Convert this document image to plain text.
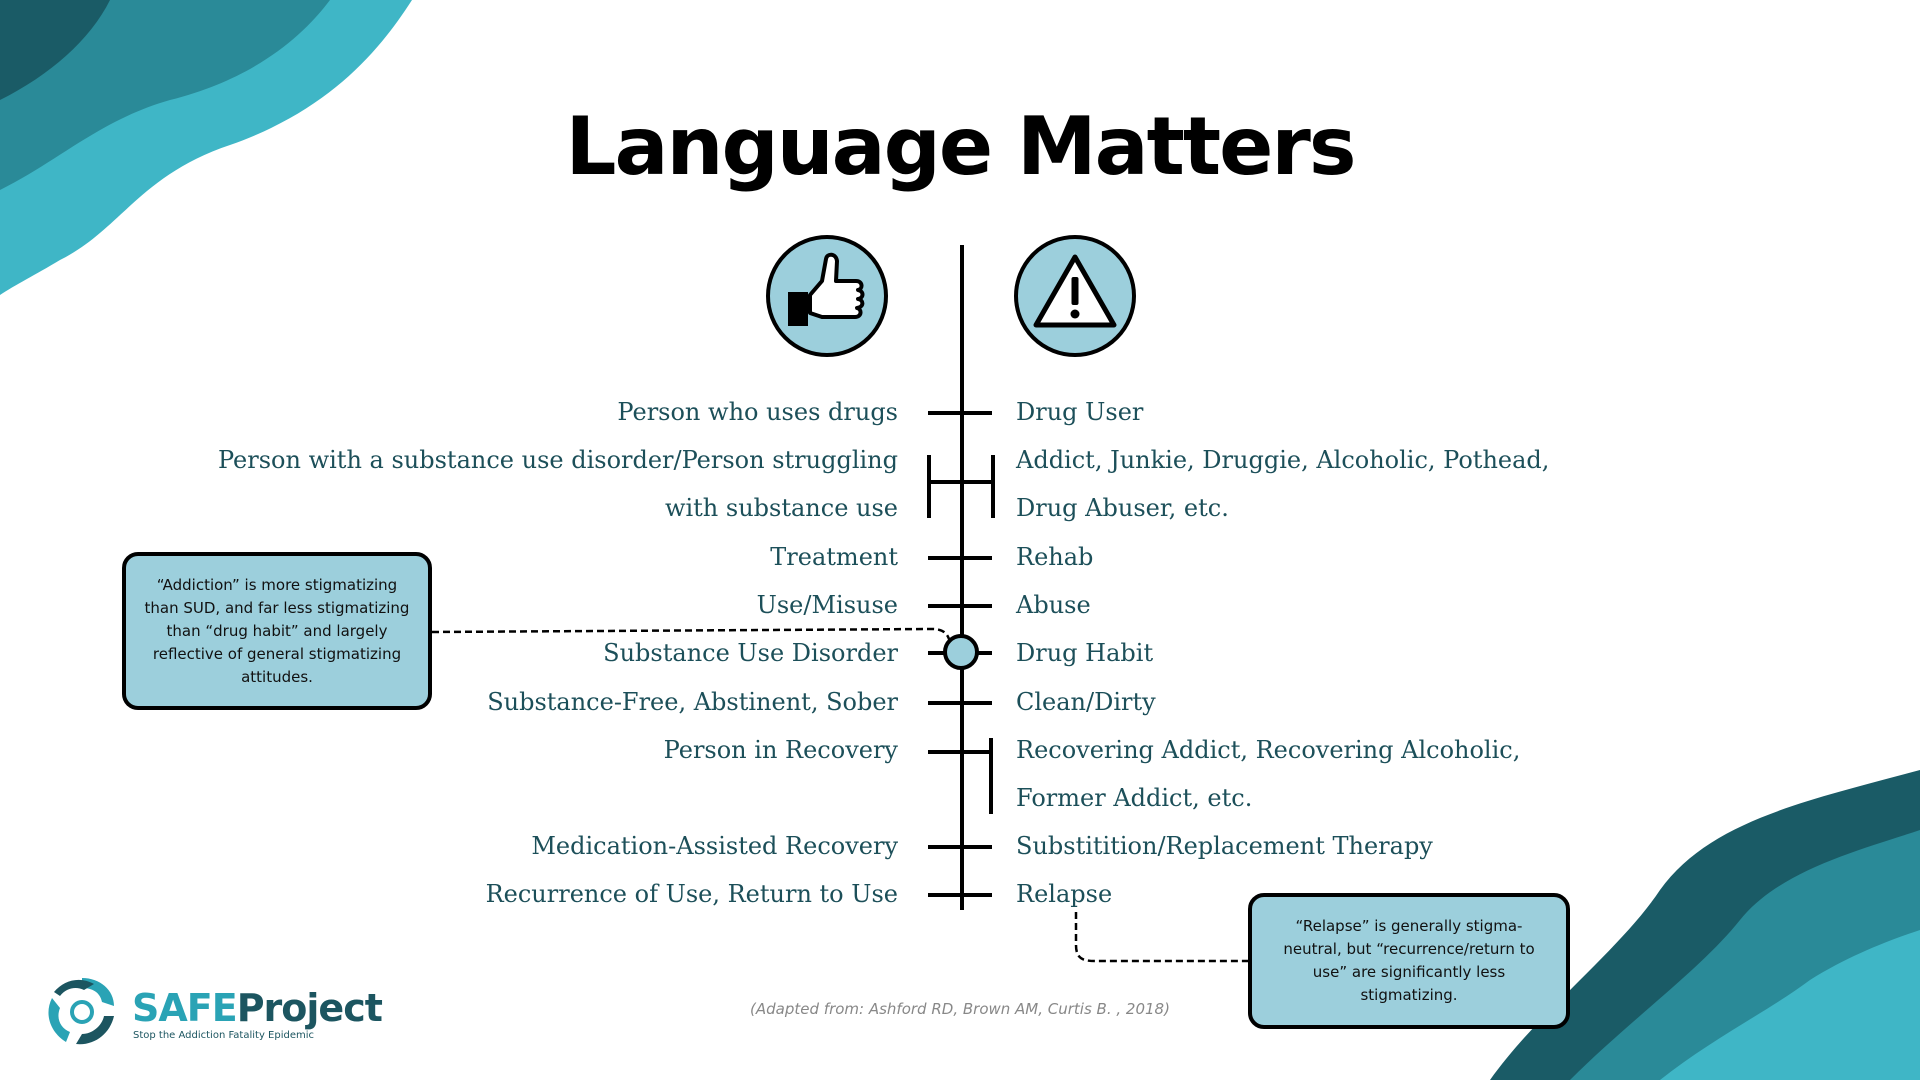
Language Matters
Person who uses drugs
Person with a substance use disorder/Person struggling
with substance use
Treatment
Use/Misuse
Substance Use Disorder
Substance-Free, Abstinent, Sober
Person in Recovery
Medication-Assisted Recovery
Recurrence of Use, Return to Use
Drug User
Addict, Junkie, Druggie, Alcoholic, Pothead,
Drug Abuser, etc.
Rehab
Abuse
Drug Habit
Clean/Dirty
Recovering Addict, Recovering Alcoholic,
Former Addict, etc.
Substitition/Replacement Therapy
Relapse
“Addiction” is more stigmatizing than SUD, and far less stigmatizing than “drug habit” and largely reflective of general stigmatizing attitudes.
“Relapse” is generally stigma-neutral, but “recurrence/return to use” are significantly less stigmatizing.
(Adapted from: Ashford RD, Brown AM, Curtis B. , 2018)
SAFEProject
Stop the Addiction Fatality Epidemic
